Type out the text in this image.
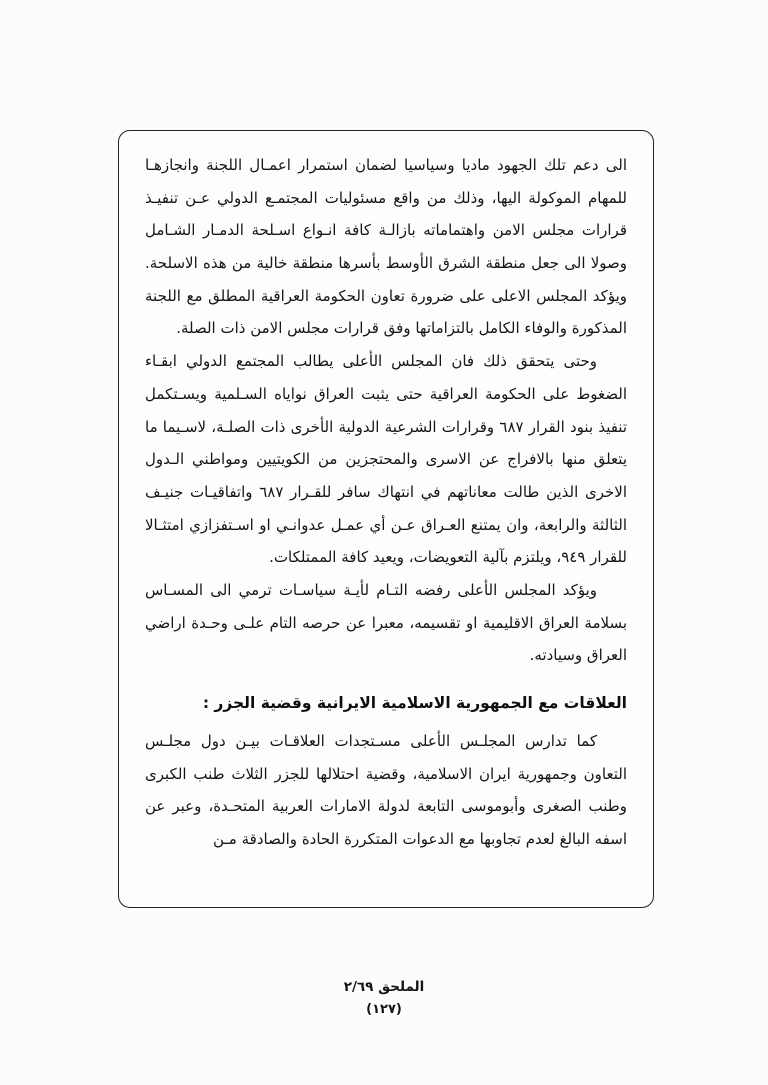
الى دعم تلك الجهود ماديا وسياسيا لضمان استمرار اعمـال اللجنة وانجازهـا للمهام الموكولة اليها، وذلك من واقع مسئوليات المجتمـع الدولي عـن تنفيـذ قرارات مجلس الامن واهتماماته بازالـة كافة انـواع اسـلحة الدمـار الشـامل وصولا الى جعل منطقة الشرق الأوسط بأسرها منطقة خالية من هذه الاسلحة. ويؤكد المجلس الاعلى على ضرورة تعاون الحكومة العراقية المطلق مع اللجنة المذكورة والوفاء الكامل بالتزاماتها وفق قرارات مجلس الامن ذات الصلة.

وحتى يتحقق ذلك فان المجلس الأعلى يطالب المجتمع الدولي ابقـاء الضغوط على الحكومة العراقية حتى يثبت العراق نواياه السـلمية ويسـتكمل تنفيذ بنود القرار ٦٨٧ وقرارات الشرعية الدولية الأخرى ذات الصلـة، لاسـيما ما يتعلق منها بالافراج عن الاسرى والمحتجزين من الكويتيين ومواطني الـدول الاخرى الذين طالت معاناتهم في انتهاك سافر للقـرار ٦٨٧ واتفاقيـات جنيـف الثالثة والرابعة، وان يمتنع العـراق عـن أي عمـل عدوانـي او اسـتفزازي امتثـالا للقرار ٩٤٩، ويلتزم بآلية التعويضات، ويعيد كافة الممتلكات.

ويؤكد المجلس الأعلى رفضه التـام لأيـة سياسـات ترمي الى المسـاس بسلامة العراق الاقليمية او تقسيمه، معبرا عن حرصه التام علـى وحـدة اراضي العراق وسيادته.

العلاقات مع الجمهورية الاسلامية الايرانية وقضية الجزر :

كما تدارس المجلـس الأعلى مسـتجدات العلاقـات بيـن دول مجلـس التعاون وجمهورية ايران الاسلامية، وقضية احتلالها للجزر الثلاث طنب الكبرى وطنب الصغرى وأبوموسى التابعة لدولة الامارات العربية المتحـدة، وعبر عن اسفه البالغ لعدم تجاوبها مع الدعوات المتكررة الحادة والصادقة مـن

الملحق ٢/٦٩
(١٢٧)
